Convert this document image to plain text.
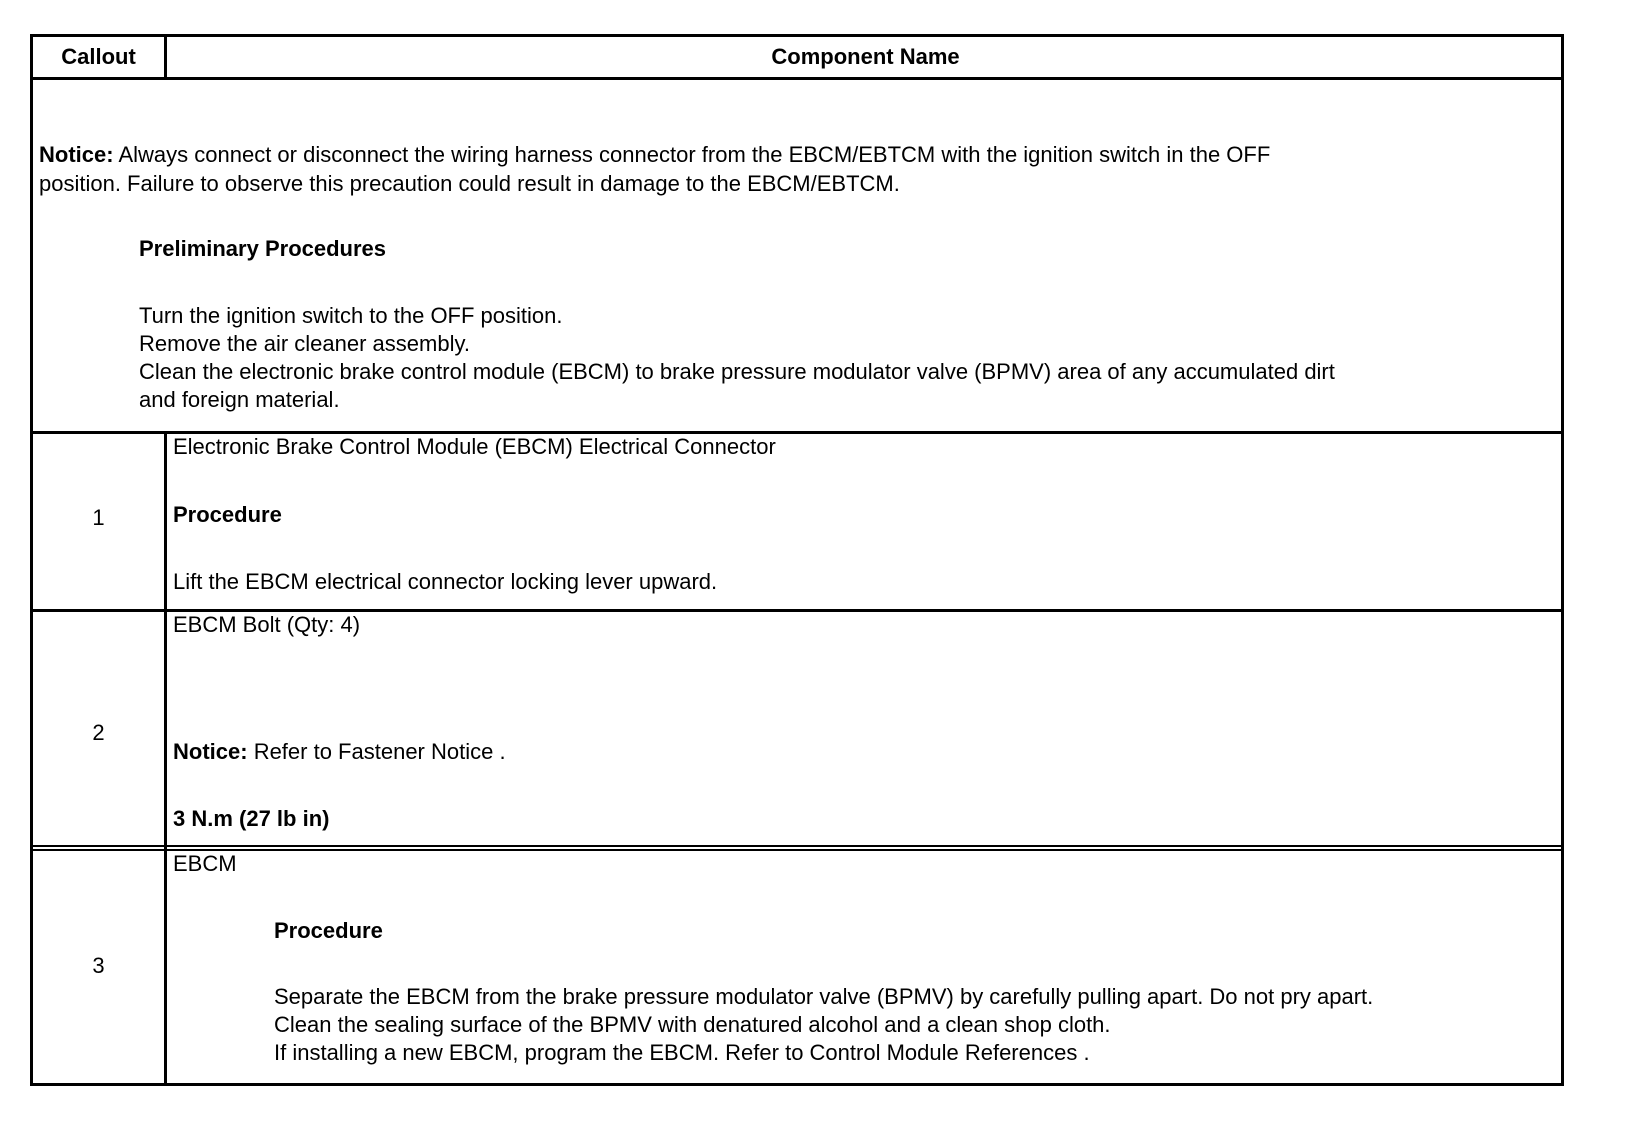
Callout	Component Name
Notice: Always connect or disconnect the wiring harness connector from the EBCM/EBTCM with the ignition switch in the OFF
position. Failure to observe this precaution could result in damage to the EBCM/EBTCM.
Preliminary Procedures
Turn the ignition switch to the OFF position.
Remove the air cleaner assembly.
Clean the electronic brake control module (EBCM) to brake pressure modulator valve (BPMV) area of any accumulated dirt
and foreign material.
1
Electronic Brake Control Module (EBCM) Electrical Connector
Procedure
Lift the EBCM electrical connector locking lever upward.
2
EBCM Bolt (Qty: 4)
Notice: Refer to Fastener Notice .
3 N.m (27 lb in)
3
EBCM
Procedure
Separate the EBCM from the brake pressure modulator valve (BPMV) by carefully pulling apart. Do not pry apart.
Clean the sealing surface of the BPMV with denatured alcohol and a clean shop cloth.
If installing a new EBCM, program the EBCM. Refer to Control Module References .
